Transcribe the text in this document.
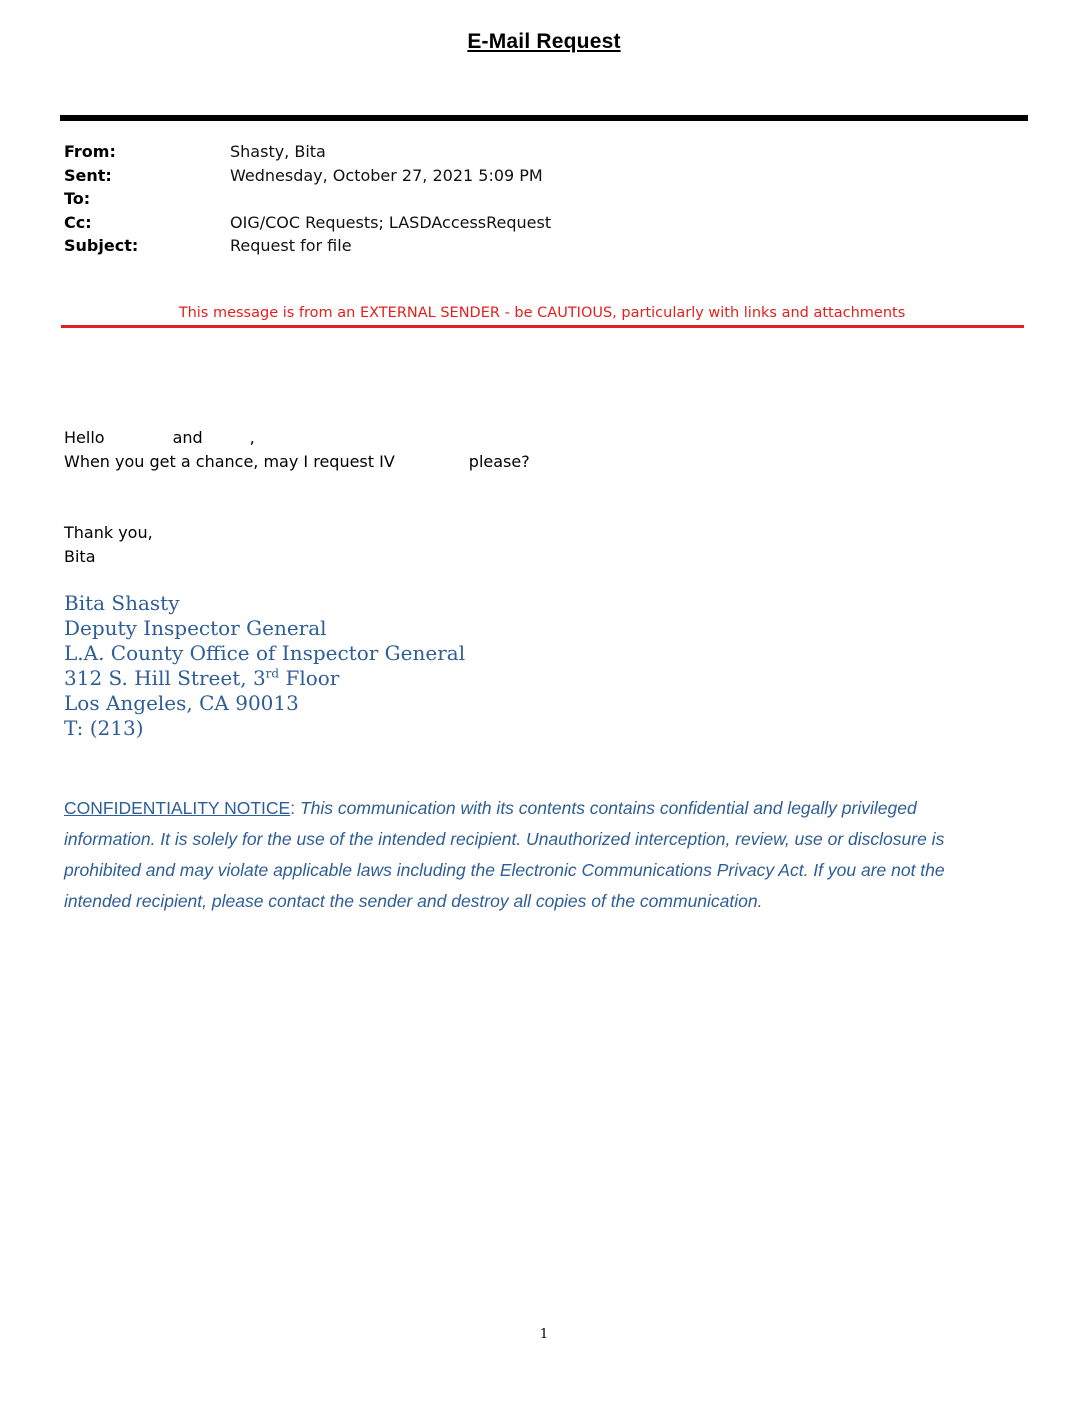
E-Mail Request
From:	Shasty, Bita
Sent:	Wednesday, October 27, 2021 5:09 PM
To:
Cc:	OIG/COC Requests; LASDAccessRequest
Subject:	Request for file
This message is from an EXTERNAL SENDER - be CAUTIOUS, particularly with links and attachments
Hello	and	,
When you get a chance, may I request IV	please?
Thank you,
Bita
Bita Shasty
Deputy Inspector General
L.A. County Office of Inspector General
312 S. Hill Street, 3rd Floor
Los Angeles, CA 90013
T: (213)
CONFIDENTIALITY NOTICE: This communication with its contents contains confidential and legally privileged information. It is solely for the use of the intended recipient. Unauthorized interception, review, use or disclosure is prohibited and may violate applicable laws including the Electronic Communications Privacy Act. If you are not the intended recipient, please contact the sender and destroy all copies of the communication.
1
